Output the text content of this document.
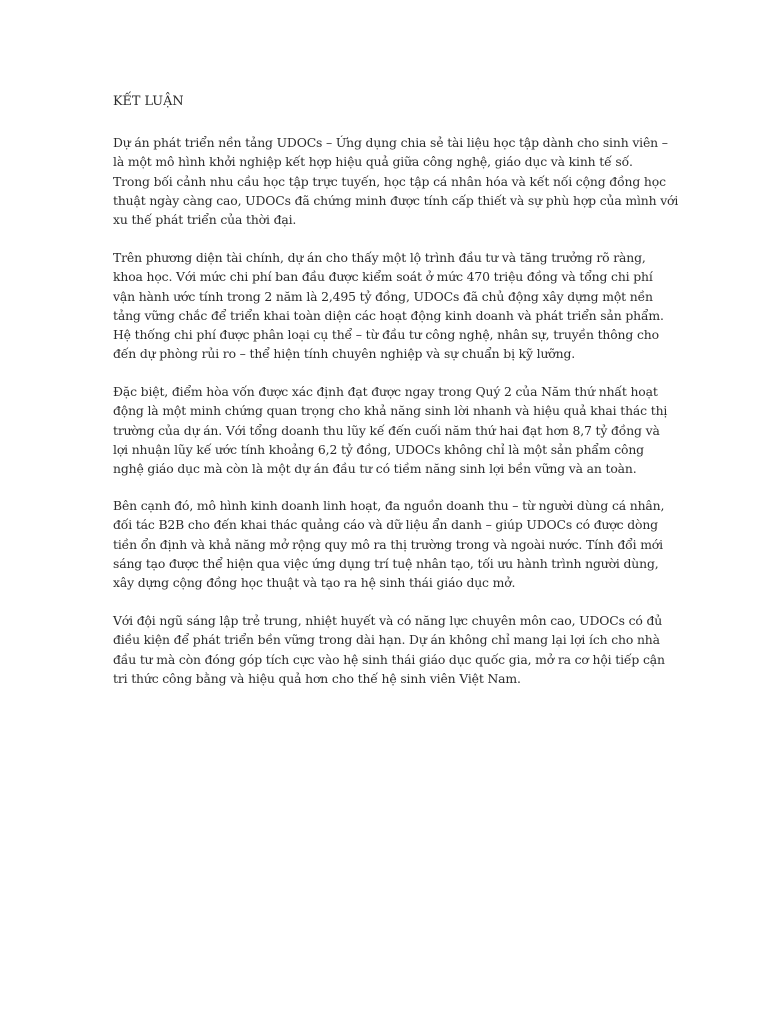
KẾT LUẬN
Dự án phát triển nền tảng UDOCs – Ứng dụng chia sẻ tài liệu học tập dành cho sinh viên –
là một mô hình khởi nghiệp kết hợp hiệu quả giữa công nghệ, giáo dục và kinh tế số.
Trong bối cảnh nhu cầu học tập trực tuyến, học tập cá nhân hóa và kết nối cộng đồng học
thuật ngày càng cao, UDOCs đã chứng minh được tính cấp thiết và sự phù hợp của mình với
xu thế phát triển của thời đại.
Trên phương diện tài chính, dự án cho thấy một lộ trình đầu tư và tăng trưởng rõ ràng,
khoa học. Với mức chi phí ban đầu được kiểm soát ở mức 470 triệu đồng và tổng chi phí
vận hành ước tính trong 2 năm là 2,495 tỷ đồng, UDOCs đã chủ động xây dựng một nền
tảng vững chắc để triển khai toàn diện các hoạt động kinh doanh và phát triển sản phẩm.
Hệ thống chi phí được phân loại cụ thể – từ đầu tư công nghệ, nhân sự, truyền thông cho
đến dự phòng rủi ro – thể hiện tính chuyên nghiệp và sự chuẩn bị kỹ lưỡng.
Đặc biệt, điểm hòa vốn được xác định đạt được ngay trong Quý 2 của Năm thứ nhất hoạt
động là một minh chứng quan trọng cho khả năng sinh lời nhanh và hiệu quả khai thác thị
trường của dự án. Với tổng doanh thu lũy kế đến cuối năm thứ hai đạt hơn 8,7 tỷ đồng và
lợi nhuận lũy kế ước tính khoảng 6,2 tỷ đồng, UDOCs không chỉ là một sản phẩm công
nghệ giáo dục mà còn là một dự án đầu tư có tiềm năng sinh lợi bền vững và an toàn.
Bên cạnh đó, mô hình kinh doanh linh hoạt, đa nguồn doanh thu – từ người dùng cá nhân,
đối tác B2B cho đến khai thác quảng cáo và dữ liệu ẩn danh – giúp UDOCs có được dòng
tiền ổn định và khả năng mở rộng quy mô ra thị trường trong và ngoài nước. Tính đổi mới
sáng tạo được thể hiện qua việc ứng dụng trí tuệ nhân tạo, tối ưu hành trình người dùng,
xây dựng cộng đồng học thuật và tạo ra hệ sinh thái giáo dục mở.
Với đội ngũ sáng lập trẻ trung, nhiệt huyết và có năng lực chuyên môn cao, UDOCs có đủ
điều kiện để phát triển bền vững trong dài hạn. Dự án không chỉ mang lại lợi ích cho nhà
đầu tư mà còn đóng góp tích cực vào hệ sinh thái giáo dục quốc gia, mở ra cơ hội tiếp cận
tri thức công bằng và hiệu quả hơn cho thế hệ sinh viên Việt Nam.
